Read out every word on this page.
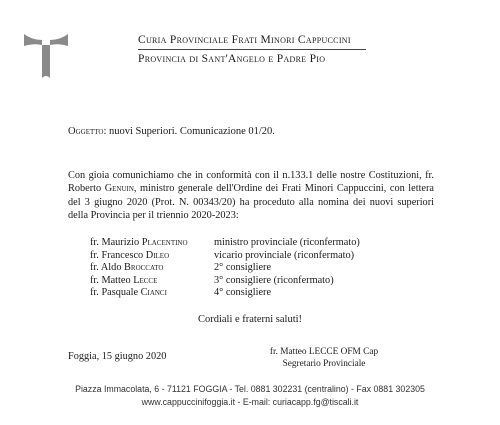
Curia Provinciale Frati Minori Cappuccini
Provincia di Sant'Angelo e Padre Pio
Oggetto: nuovi Superiori. Comunicazione 01/20.

Con gioia comunichiamo che in conformità con il n.133.1 delle nostre Costituzioni, fr. Roberto Genuin, ministro generale dell'Ordine dei Frati Minori Cappuccini, con lettera del 3 giugno 2020 (Prot. N. 00343/20) ha proceduto alla nomina dei nuovi superiori della Provincia per il triennio 2020-2023:

fr. Maurizio Placentino	ministro provinciale (riconfermato)
fr. Francesco Dileo	vicario provinciale (riconfermato)
fr. Aldo Broccato	2° consigliere
fr. Matteo Lecce	3° consigliere (riconfermato)
fr. Pasquale Cianci	4° consigliere
Cordiali e fraterni saluti!
Foggia, 15 giugno 2020	fr. Matteo LECCE OFM Cap
Segretario Provinciale
Piazza Immacolata, 6 - 71121 FOGGIA - Tel. 0881 302231 (centralino) - Fax 0881 302305
www.cappuccinifoggia.it - E-mail: curiacapp.fg@tiscali.it
